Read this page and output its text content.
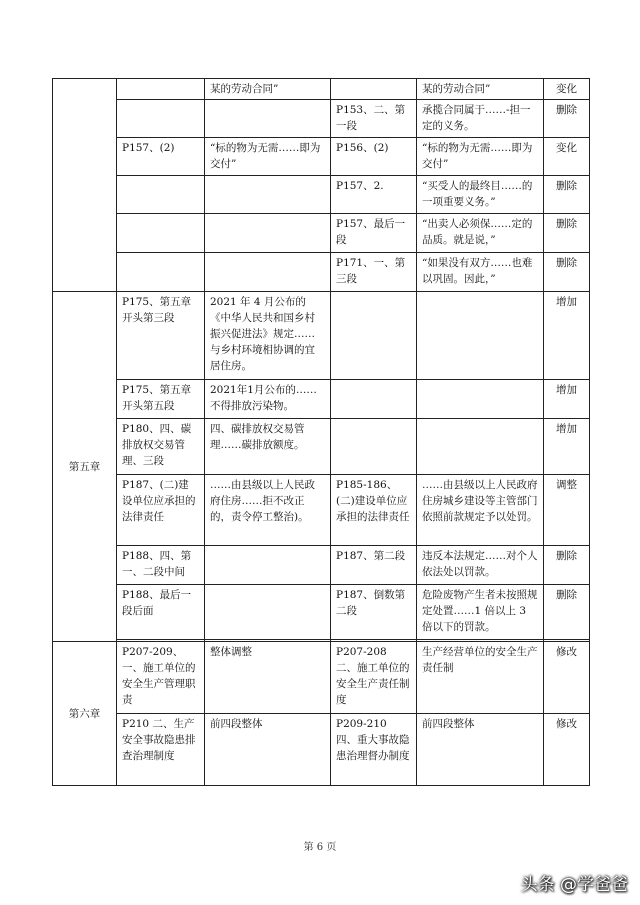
		某的劳动合同”		某的劳动合同”	变化
			P153、二、第一段	承揽合同属于……-担一定的义务。	删除
	P157、(2)	“标的物为无需……即为交付”	P156、(2)	“标的物为无需……即为交付”	变化
			P157、2.	“买受人的最终目……的一项重要义务。”	删除
			P157、最后一段	“出卖人必须保……定的品质。就是说，”	删除
			P171、一、第三段	“如果没有双方……也难以巩固。因此，”	删除
第五章	P175、第五章开头第三段	2021 年 4 月公布的《中华人民共和国乡村振兴促进法》规定……与乡村环境相协调的宜居住房。			增加
	P175、第五章开头第五段	2021年1月公布的……不得排放污染物。			增加
	P180、四、碳排放权交易管理、三段	四、碳排放权交易管理……碳排放额度。			增加
	P187、(二)建设单位应承担的法律责任	……由县级以上人民政府住房……拒不改正的，责令停工整治)。	P185-186、(二)建设单位应承担的法律责任	……由县级以上人民政府住房城乡建设等主管部门依照前款规定予以处罚。	调整
	P188、四、第一、二段中间		P187、第二段	违反本法规定……对个人依法处以罚款。	删除
	P188、最后一段后面		P187、倒数第二段	危险废物产生者未按照规定处置……1 倍以上 3 倍以下的罚款。	删除

第六章	P207-209、一、施工单位的安全生产管理职责	整体调整	P207-208 二、施工单位的安全生产责任制度	生产经营单位的安全生产责任制	修改
	P210 二、生产安全事故隐患排查治理制度	前四段整体	P209-210 四、重大事故隐患治理督办制度	前四段整体	修改
第 6 页
头条 @学爸爸
